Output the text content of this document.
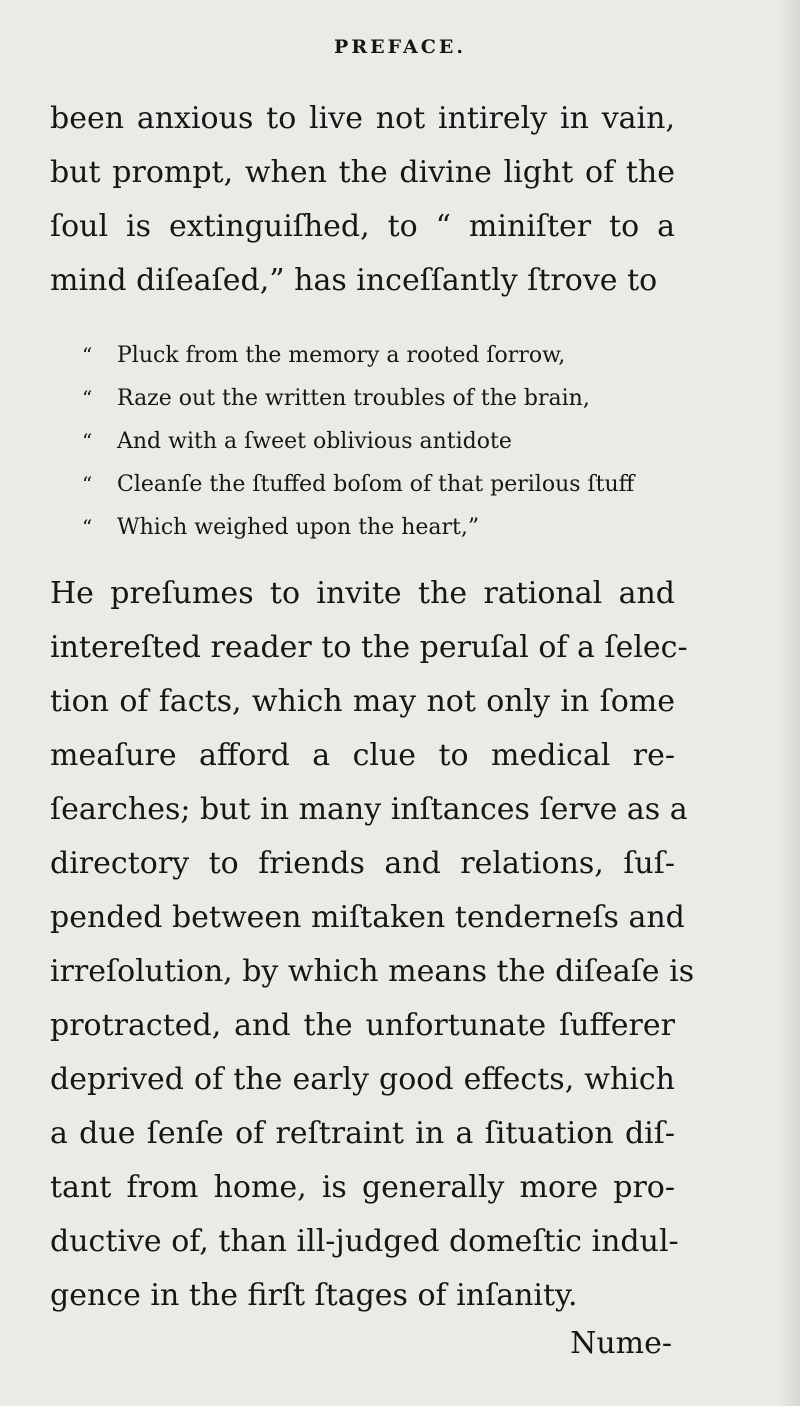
PREFACE.
been anxious to live not intirely in vain,
but prompt, when the divine light of the
ſoul is extinguiſhed, to “ miniſter to a
mind diſeaſed,” has inceſſantly ſtrove to
“ Pluck from the memory a rooted ſorrow,
“ Raze out the written troubles of the brain,
“ And with a ſweet oblivious antidote
“ Cleanſe the ſtuffed boſom of that perilous ſtuff
“ Which weighed upon the heart,”
He preſumes to invite the rational and
intereſted reader to the peruſal of a ſelec-
tion of facts, which may not only in ſome
meaſure afford a clue to medical re-
ſearches; but in many inſtances ſerve as a
directory to friends and relations, ſuſ-
pended between miſtaken tenderneſs and
irreſolution, by which means the diſeaſe is
protracted, and the unfortunate ſufferer
deprived of the early good effects, which
a due ſenſe of reſtraint in a ſituation diſ-
tant from home, is generally more pro-
ductive of, than ill-judged domeſtic indul-
gence in the firſt ſtages of inſanity.
Nume-
